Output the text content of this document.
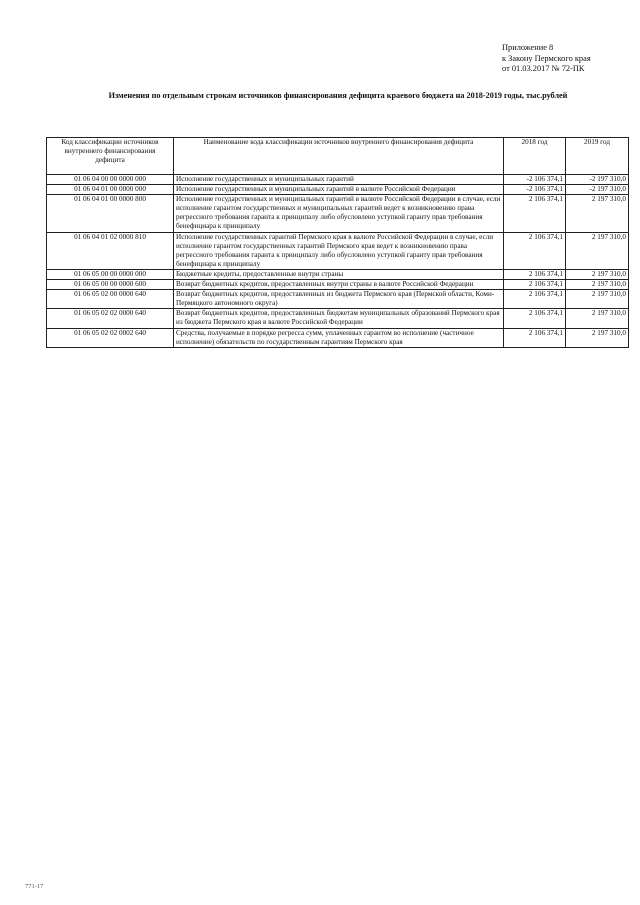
Приложение 8
к Закону Пермского края
от 01.03.2017 № 72-ПК
Изменения по отдельным строкам источников финансирования дефицита краевого бюджета на 2018-2019 годы, тыс.рублей
Код классификации источников внутреннего финансирования дефицита	Наименование кода классификации источников внутреннего финансирования дефицита	2018 год	2019 год
01 06 04 00 00 0000 000	Исполнение государственных и муниципальных гарантий	-2 106 374,1	-2 197 310,0
01 06 04 01 00 0000 000	Исполнение государственных и муниципальных гарантий в валюте Российской Федерации	-2 106 374,1	-2 197 310,0
01 06 04 01 00 0000 800	Исполнение государственных и муниципальных гарантий в валюте Российской Федерации в случае, если исполнение гарантом государственных и муниципальных гарантий ведет к возникновению права регрессного требования гаранта к принципалу либо обусловлено уступкой гаранту прав требования бенефициара к принципалу	2 106 374,1	2 197 310,0
01 06 04 01 02 0000 810	Исполнение государственных гарантий Пермского края в валюте Российской Федерации в случае, если исполнение гарантом государственных гарантий Пермского края ведет к возникновению права регрессного требования гаранта к принципалу либо обусловлено уступкой гаранту прав требования бенефициара к принципалу	2 106 374,1	2 197 310,0
01 06 05 00 00 0000 000	Бюджетные кредиты, предоставленные внутри страны	2 106 374,1	2 197 310,0
01 06 05 00 00 0000 600	Возврат бюджетных кредитов, предоставленных внутри страны в валюте Российской Федерации	2 106 374,1	2 197 310,0
01 06 05 02 00 0000 640	Возврат бюджетных кредитов, предоставленных из бюджета Пермского края (Пермской области, Коми-Пермяцкого автономного округа)	2 106 374,1	2 197 310,0
01 06 05 02 02 0000 640	Возврат бюджетных кредитов, предоставленных бюджетам муниципальных образований Пермского края из бюджета Пермского края в валюте Российской Федерации	2 106 374,1	2 197 310,0
01 06 05 02 02 0002 640	Средства, получаемые в порядке регресса сумм, уплаченных гарантом во исполнение (частичное исполнение) обязательств по государственным гарантиям Пермского края	2 106 374,1	2 197 310,0
771-17
